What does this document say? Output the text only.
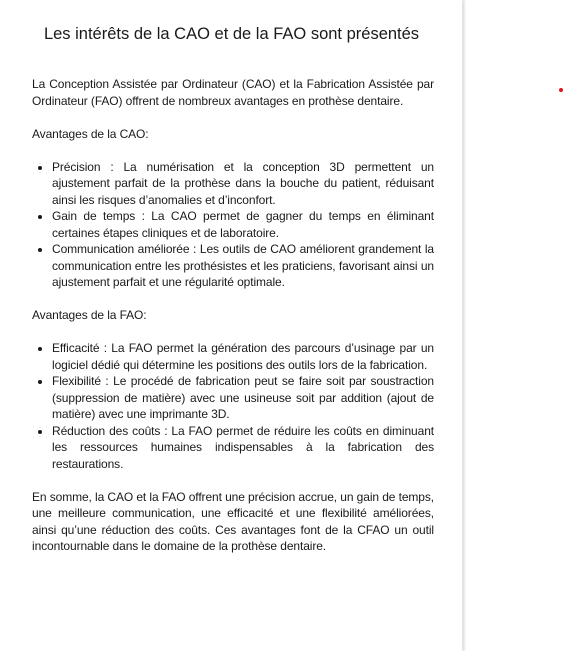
Les intérêts de la CAO et de la FAO sont présentés

La Conception Assistée par Ordinateur (CAO) et la Fabrication Assistée par Ordinateur (FAO) offrent de nombreux avantages en prothèse dentaire.

Avantages de la CAO:

• Précision : La numérisation et la conception 3D permettent un ajustement parfait de la prothèse dans la bouche du patient, réduisant ainsi les risques d’anomalies et d’inconfort.
• Gain de temps : La CAO permet de gagner du temps en éliminant certaines étapes cliniques et de laboratoire.
• Communication améliorée : Les outils de CAO améliorent grandement la communication entre les prothésistes et les praticiens, favorisant ainsi un ajustement parfait et une régularité optimale.

Avantages de la FAO:

• Efficacité : La FAO permet la génération des parcours d’usinage par un logiciel dédié qui détermine les positions des outils lors de la fabrication.
• Flexibilité : Le procédé de fabrication peut se faire soit par soustraction (suppression de matière) avec une usineuse soit par addition (ajout de matière) avec une imprimante 3D.
• Réduction des coûts : La FAO permet de réduire les coûts en diminuant les ressources humaines indispensables à la fabrication des restaurations.

En somme, la CAO et la FAO offrent une précision accrue, un gain de temps, une meilleure communication, une efficacité et une flexibilité améliorées, ainsi qu’une réduction des coûts. Ces avantages font de la CFAO un outil incontournable dans le domaine de la prothèse dentaire.
